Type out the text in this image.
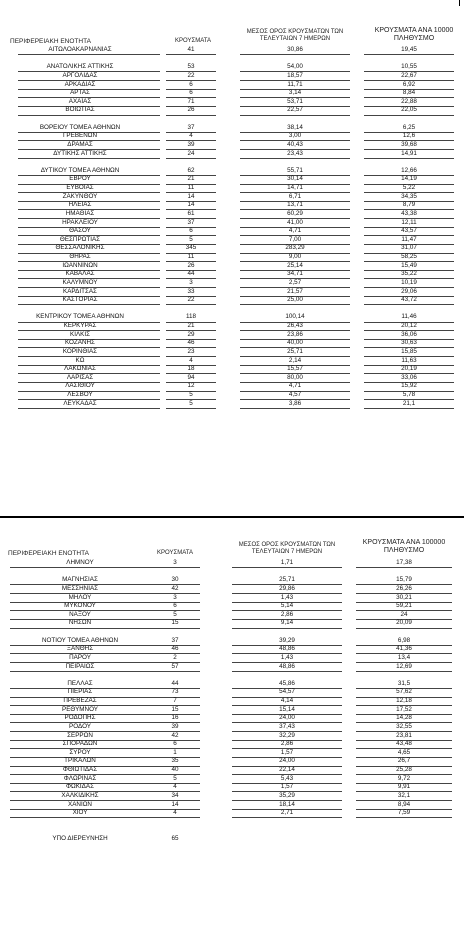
ΠΕΡΙΦΕΡΕΙΑΚΗ ΕΝΟΤΗΤΑ	ΚΡΟΥΣΜΑΤΑ
ΜΕΣΟΣ ΟΡΟΣ ΚΡΟΥΣΜΑΤΩΝ ΤΩΝ
ΤΕΛΕΥΤΑΙΩΝ 7 ΗΜΕΡΩΝ
ΚΡΟΥΣΜΑΤΑ ΑΝΑ 10000
ΠΛΗΘΥΣΜΟ
ΑΙΤΩΛΟΑΚΑΡΝΑΝΙΑΣ	41	30,86	19,45
ΑΝΑΤΟΛΙΚΗΣ ΑΤΤΙΚΗΣ	53	54,00	10,55
ΑΡΓΟΛΙΔΑΣ	22	18,57	22,67
ΑΡΚΑΔΙΑΣ	6	11,71	6,92
ΑΡΤΑΣ	6	3,14	8,84
ΑΧΑΪΑΣ	71	53,71	22,88
ΒΟΙΩΤΙΑΣ	26	22,57	22,05
ΒΟΡΕΙΟΥ ΤΟΜΕΑ ΑΘΗΝΩΝ	37	38,14	6,25
ΓΡΕΒΕΝΩΝ	4	3,00	12,6
ΔΡΑΜΑΣ	39	40,43	39,68
ΔΥΤΙΚΗΣ ΑΤΤΙΚΗΣ	24	23,43	14,91
ΔΥΤΙΚΟΥ ΤΟΜΕΑ ΑΘΗΝΩΝ	62	55,71	12,66
ΕΒΡΟΥ	21	30,14	14,19
ΕΥΒΟΙΑΣ	11	14,71	5,22
ΖΑΚΥΝΘΟΥ	14	6,71	34,35
ΗΛΕΙΑΣ	14	13,71	8,79
ΗΜΑΘΙΑΣ	61	60,29	43,38
ΗΡΑΚΛΕΙΟΥ	37	41,00	12,11
ΘΑΣΟΥ	6	4,71	43,57
ΘΕΣΠΡΩΤΙΑΣ	5	7,00	11,47
ΘΕΣΣΑΛΟΝΙΚΗΣ	345	283,29	31,07
ΘΗΡΑΣ	11	9,00	58,25
ΙΩΑΝΝΙΝΩΝ	26	25,14	15,49
ΚΑΒΑΛΑΣ	44	34,71	35,22
ΚΑΛΥΜΝΟΥ	3	2,57	10,19
ΚΑΡΔΙΤΣΑΣ	33	21,57	29,06
ΚΑΣΤΟΡΙΑΣ	22	25,00	43,72
ΚΕΝΤΡΙΚΟΥ ΤΟΜΕΑ ΑΘΗΝΩΝ	118	100,14	11,46
ΚΕΡΚΥΡΑΣ	21	26,43	20,12
ΚΙΛΚΙΣ	29	23,86	36,06
ΚΟΖΑΝΗΣ	46	40,00	30,63
ΚΟΡΙΝΘΙΑΣ	23	25,71	15,85
ΚΩ	4	2,14	11,63
ΛΑΚΩΝΙΑΣ	18	15,57	20,19
ΛΑΡΙΣΑΣ	94	80,00	33,06
ΛΑΣΙΘΙΟΥ	12	4,71	15,92
ΛΕΣΒΟΥ	5	4,57	5,78
ΛΕΥΚΑΔΑΣ	5	3,86	21,1
ΠΕΡΙΦΕΡΕΙΑΚΗ ΕΝΟΤΗΤΑ	ΚΡΟΥΣΜΑΤΑ
ΜΕΣΟΣ ΟΡΟΣ ΚΡΟΥΣΜΑΤΩΝ ΤΩΝ
ΤΕΛΕΥΤΑΙΩΝ 7 ΗΜΕΡΩΝ
ΚΡΟΥΣΜΑΤΑ ΑΝΑ 100000
ΠΛΗΘΥΣΜΟ
ΛΗΜΝΟΥ	3	1,71	17,38
ΜΑΓΝΗΣΙΑΣ	30	25,71	15,79
ΜΕΣΣΗΝΙΑΣ	42	29,86	26,26
ΜΗΛΟΥ	3	1,43	30,21
ΜΥΚΟΝΟΥ	6	5,14	59,21
ΝΑΞΟΥ	5	2,86	24
ΝΗΣΩΝ	15	9,14	20,09
ΝΟΤΙΟΥ ΤΟΜΕΑ ΑΘΗΝΩΝ	37	39,29	6,98
ΞΑΝΘΗΣ	46	48,86	41,36
ΠΑΡΟΥ	2	1,43	13,4
ΠΕΙΡΑΙΩΣ	57	48,86	12,69
ΠΕΛΛΑΣ	44	45,86	31,5
ΠΙΕΡΙΑΣ	73	54,57	57,62
ΠΡΕΒΕΖΑΣ	7	4,14	12,18
ΡΕΘΥΜΝΟΥ	15	15,14	17,52
ΡΟΔΟΠΗΣ	16	24,00	14,28
ΡΟΔΟΥ	39	37,43	32,55
ΣΕΡΡΩΝ	42	32,29	23,81
ΣΠΟΡΑΔΩΝ	6	2,86	43,48
ΣΥΡΟΥ	1	1,57	4,65
ΤΡΙΚΑΛΩΝ	35	24,00	26,7
ΦΘΙΩΤΙΔΑΣ	40	22,14	25,28
ΦΛΩΡΙΝΑΣ	5	5,43	9,72
ΦΩΚΙΔΑΣ	4	1,57	9,91
ΧΑΛΚΙΔΙΚΗΣ	34	35,29	32,1
ΧΑΝΙΩΝ	14	18,14	8,94
ΧΙΟΥ	4	2,71	7,59
ΥΠΟ ΔΙΕΡΕΥΝΗΣΗ	65
